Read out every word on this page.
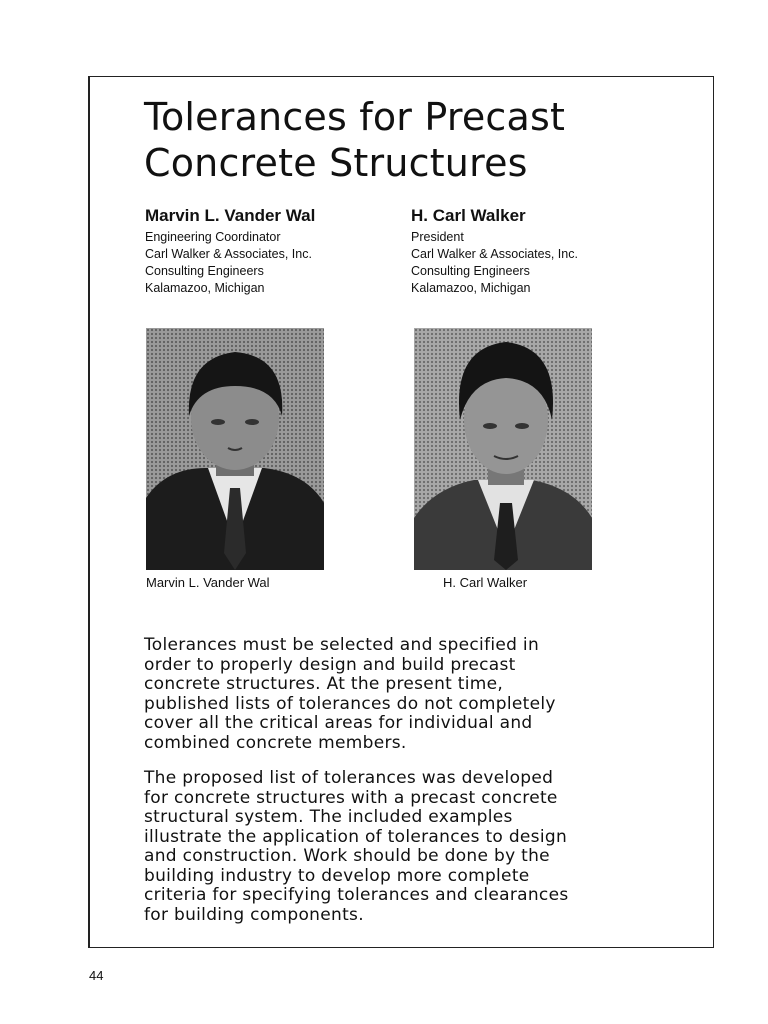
Tolerances for Precast
Concrete Structures
Marvin L. Vander Wal
Engineering Coordinator
Carl Walker & Associates, Inc.
Consulting Engineers
Kalamazoo, Michigan
H. Carl Walker
President
Carl Walker & Associates, Inc.
Consulting Engineers
Kalamazoo, Michigan
Marvin L. Vander Wal	H. Carl Walker

Tolerances must be selected and specified in
order to properly design and build precast
concrete structures. At the present time,
published lists of tolerances do not completely
cover all the critical areas for individual and
combined concrete members.

The proposed list of tolerances was developed
for concrete structures with a precast concrete
structural system. The included examples
illustrate the application of tolerances to design
and construction. Work should be done by the
building industry to develop more complete
criteria for specifying tolerances and clearances
for building components.

44
